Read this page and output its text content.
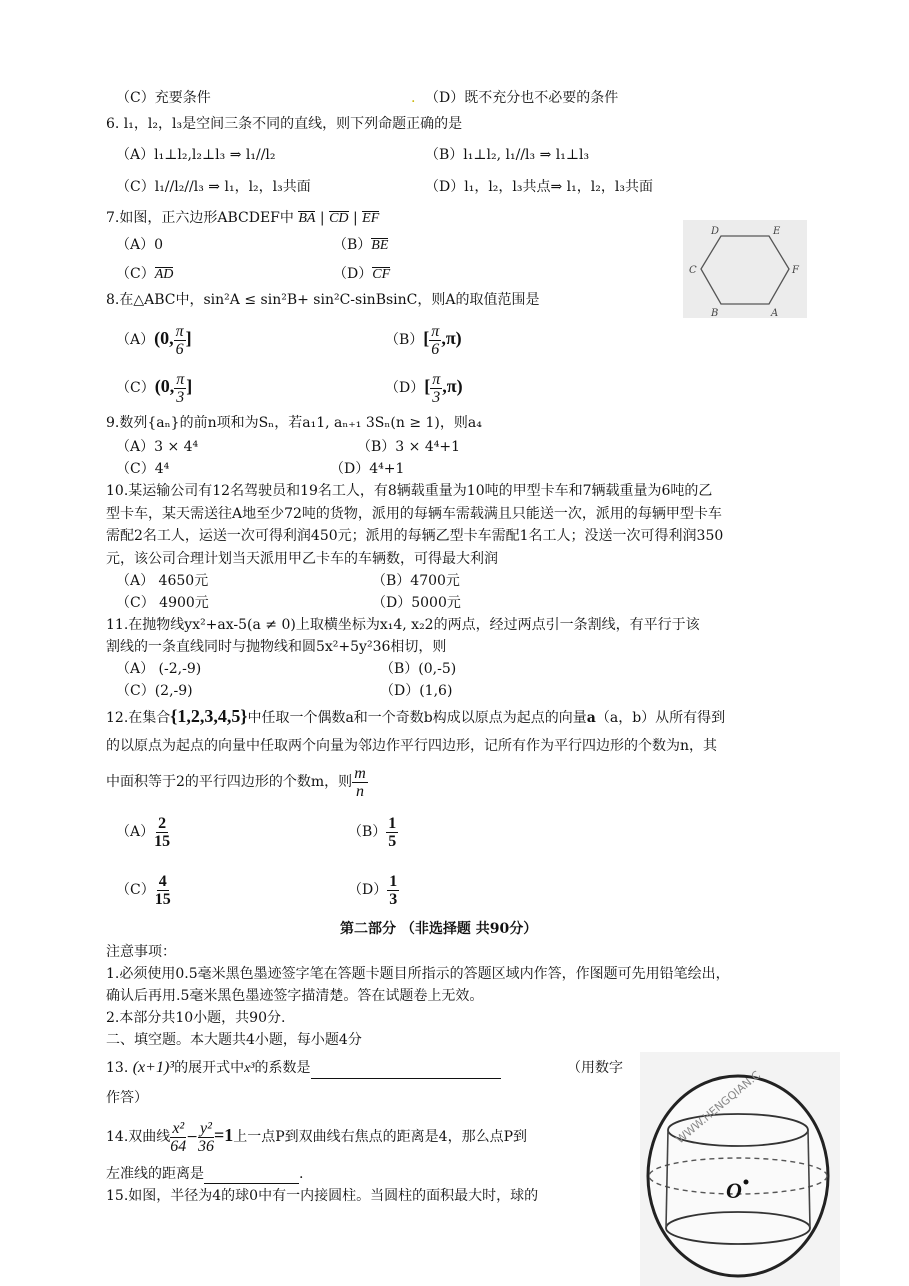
（C）充要条件	. （D）既不充分也不必要的条件
6. l₁，l₂，l₃是空间三条不同的直线，则下列命题正确的是
（A）l₁⊥l₂,l₂⊥l₃ ⇒ l₁//l₂	（B）l₁⊥l₂, l₁//l₃ ⇒ l₁⊥l₃
（C）l₁//l₂//l₃ ⇒ l₁，l₂，l₃共面	（D）l₁，l₂，l₃共点⇒ l₁，l₂，l₃共面
7.如图，正六边形ABCDEF中 BA | CD | EF
（A）0	（B）BE
（C）AD	（D）CF
D	E
C	F
B	A
8.在△ABC中，sin²A ≤ sin²B+ sin²C-sinBsinC，则A的取值范围是
（A）(0, $\frac{\pi}{6}$ ]	$(B)[ \frac{\pi}{6} ,\pi)$
（C）(0, $\frac{\pi}{3}$ ]	$(D)[ \frac{\pi}{3} ,\pi)$
9.数列{aₙ}的前n项和为Sₙ，若a₁1, aₙ₊₁ 3Sₙ(n ≥ 1)，则a₄
（A）3 × 4⁴	（B）3 × 4⁴+1
（C）4⁴	（D）4⁴+1
10.某运输公司有12名驾驶员和19名工人，有8辆载重量为10吨的甲型卡车和7辆载重量为6吨的乙
型卡车，某天需送往A地至少72吨的货物，派用的每辆车需载满且只能送一次，派用的每辆甲型卡车
需配2名工人，运送一次可得利润450元；派用的每辆乙型卡车需配1名工人；没送一次可得利润350
元，该公司合理计划当天派用甲乙卡车的车辆数，可得最大利润
（A） 4650元	（B）4700元
（C） 4900元	（D）5000元
11.在抛物线yx²+ax-5(a ≠ 0)上取横坐标为x₁4, x₂2的两点，经过两点引一条割线，有平行于该
割线的一条直线同时与抛物线和圆5x²+5y²36相切，则
（A） (-2,-9)	（B）(0,-5)
（C）(2,-9)	（D）(1,6)
12.在集合{1,2,3,4,5}中任取一个偶数a和一个奇数b构成以原点为起点的向量a（a，b）从所有得到
的以原点为起点的向量中任取两个向量为邻边作平行四边形，记所有作为平行四边形的个数为n，其
中面积等于2的平行四边形的个数m，则 $\frac{m}{n}$
$(A) \frac{2}{15}$	$(B) \frac{1}{5}$
$(C) \frac{4}{15}$	$(D) \frac{1}{3}$
第二部分 （非选择题 共90分）
注意事项：
1.必须使用0.5毫米黑色墨迹签字笔在答题卡题目所指示的答题区域内作答，作图题可先用铅笔绘出，
确认后再用.5毫米黑色墨迹签字描清楚。答在试题卷上无效。
2.本部分共10小题，共90分.
二、填空题。本大题共4小题，每小题4分
13. (x+1)³的展开式中x³的系数是	（用数字
作答）
14.双曲线 $\frac{\text{x²}}{64} - \frac{\text{y²}}{36} =1$上一点P到双曲线右焦点的距离是4，那么点P到
左准线的距离是	.
15.如图，半径为4的球0中有一内接圆柱。当圆柱的面积最大时，球的	O
WWW.HENGQIAN.C
